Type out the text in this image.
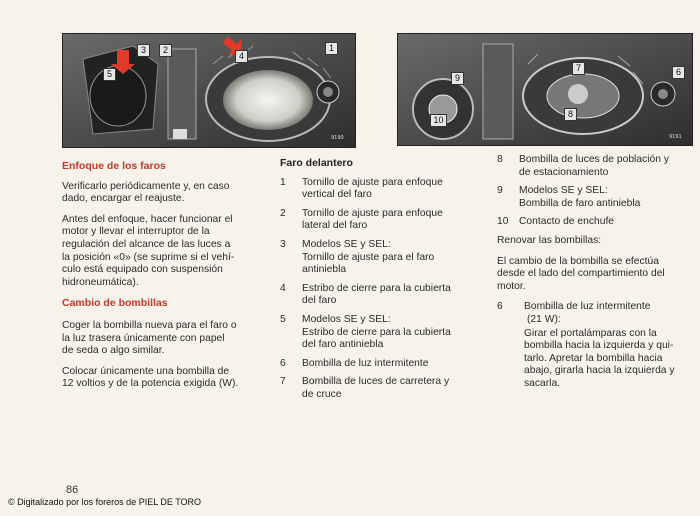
1
2
3
4
5
9190
6
7
8
9
10
9191
Enfoque de los faros

Verificarlo periódicamente y, en caso
dado, encargar el reajuste.

Antes del enfoque, hacer funcionar el
motor y llevar el interruptor de la
regulación del alcance de las luces a
la posición «0» (se suprime si el vehí-
culo está equipado con suspensión
hidroneumática).

Cambio de bombillas

Coger la bombilla nueva para el faro o
la luz trasera únicamente con papel
de seda o algo similar.

Colocar únicamente una bombilla de
12 voltios y de la potencia exigida (W).

Faro delantero
1	Tornillo de ajuste para enfoque
vertical del faro
2	Tornillo de ajuste para enfoque
lateral del faro
3	Modelos SE y SEL:
Tornillo de ajuste para el faro
antiniebla
4	Estribo de cierre para la cubierta
del faro
5	Modelos SE y SEL:
Estribo de cierre para la cubierta
del faro antiniebla
6	Bombilla de luz intermitente
7	Bombilla de luces de carretera y
de cruce
8	Bombilla de luces de población y
de estacionamiento
9	Modelos SE y SEL:
Bombilla de faro antiniebla
10	Contacto de enchufe

Renovar las bombillas:

El cambio de la bombilla se efectúa
desde el lado del compartimiento del
motor.

6	Bombilla de luz intermitente
(21 W):
Girar el portalámparas con la
bombilla hacia la izquierda y qui-
tarlo. Apretar la bombilla hacia
abajo, girarla hacia la izquierda y
sacarla.
86
© Digitalizado por los foreros de PIEL DE TORO
